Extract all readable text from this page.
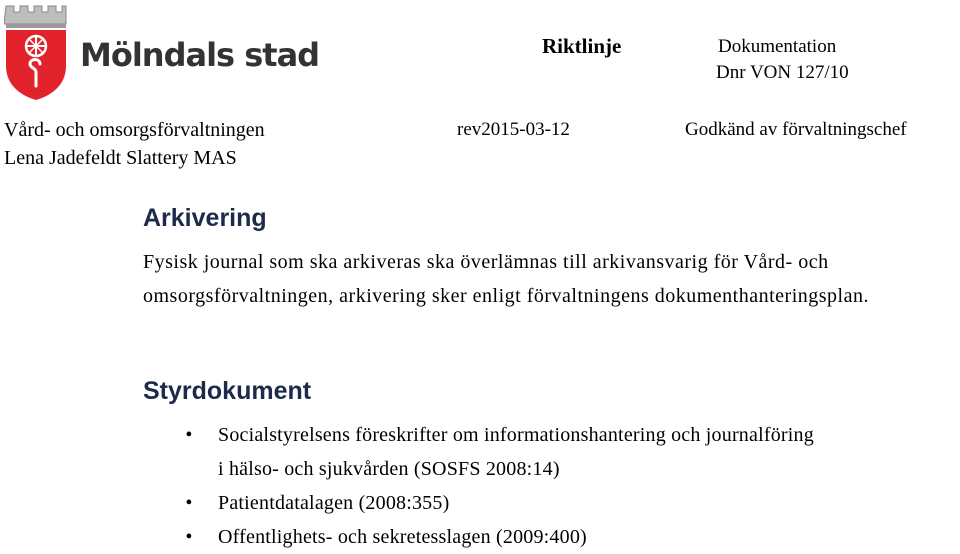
Mölndals stad	Riktlinje	Dokumentation
Dnr VON 127/10
Vård- och omsorgsförvaltningen	rev2015-03-12	Godkänd av förvaltningschef
Lena Jadefeldt Slattery MAS
Arkivering
Fysisk journal som ska arkiveras ska överlämnas till arkivansvarig för Vård- och omsorgsförvaltningen, arkivering sker enligt förvaltningens dokumenthanteringsplan.
Styrdokument
• Socialstyrelsens föreskrifter om informationshantering och journalföring
i hälso- och sjukvården (SOSFS 2008:14)
• Patientdatalagen (2008:355)
• Offentlighets- och sekretesslagen (2009:400)
